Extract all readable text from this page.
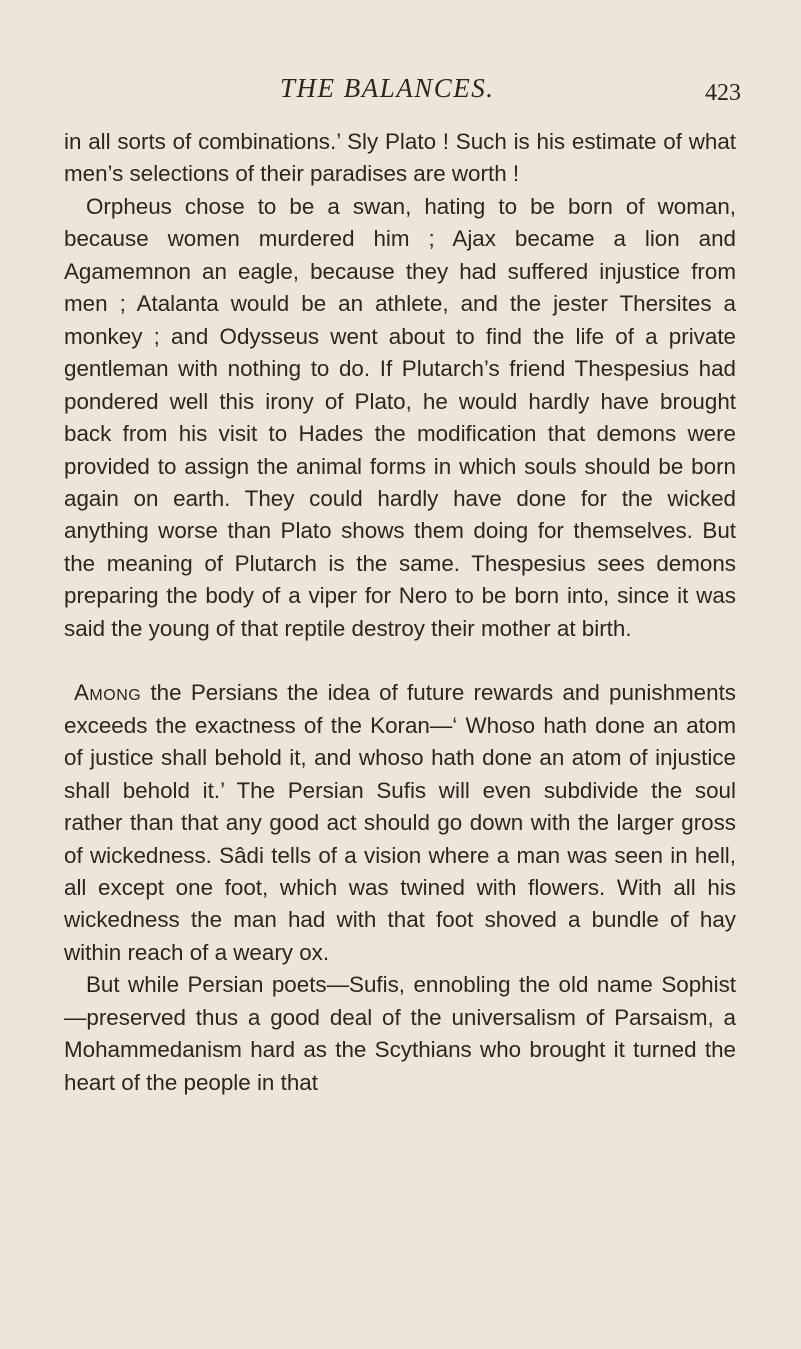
THE BALANCES.	423

in all sorts of combinations.’ Sly Plato ! Such is his estimate of what men’s selections of their paradises are worth !

Orpheus chose to be a swan, hating to be born of woman, because women murdered him ; Ajax became a lion and Agamemnon an eagle, because they had suffered injustice from men ; Atalanta would be an athlete, and the jester Thersites a monkey ; and Odysseus went about to find the life of a private gentleman with nothing to do. If Plutarch’s friend Thespesius had pondered well this irony of Plato, he would hardly have brought back from his visit to Hades the modification that demons were provided to assign the animal forms in which souls should be born again on earth. They could hardly have done for the wicked anything worse than Plato shows them doing for themselves. But the meaning of Plutarch is the same. Thespesius sees demons preparing the body of a viper for Nero to be born into, since it was said the young of that reptile destroy their mother at birth.

Among the Persians the idea of future rewards and punishments exceeds the exactness of the Koran—‘ Whoso hath done an atom of justice shall behold it, and whoso hath done an atom of injustice shall behold it.’ The Persian Sufis will even subdivide the soul rather than that any good act should go down with the larger gross of wickedness. Sâdi tells of a vision where a man was seen in hell, all except one foot, which was twined with flowers. With all his wickedness the man had with that foot shoved a bundle of hay within reach of a weary ox.

But while Persian poets—Sufis, ennobling the old name Sophist—preserved thus a good deal of the universalism of Parsaism, a Mohammedanism hard as the Scythians who brought it turned the heart of the people in that
